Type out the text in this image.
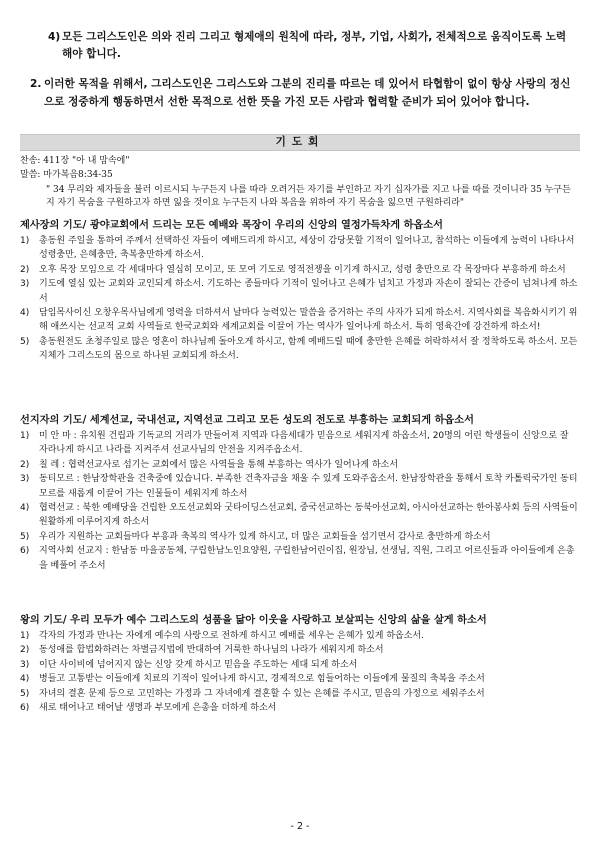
4) 모든 그리스도인은 의와 진리 그리고 형제애의 원칙에 따라, 정부, 기업, 사회가, 전체적으로 움직이도록 노력해야 합니다.
2. 이러한 목적을 위해서, 그리스도인은 그리스도와 그분의 진리를 따르는 데 있어서 타협함이 없이 항상 사랑의 정신으로 정중하게 행동하면서 선한 목적으로 선한 뜻을 가진 모든 사람과 협력할 준비가 되어 있어야 합니다.
기도회
찬송: 411장 "아 내 맘속에"
말씀: 마가복음8:34-35
" 34 무리와 제자들을 불러 이르시되 누구든지 나를 따라 오려거든 자기를 부인하고 자기 십자가를 지고 나를 따를 것이니라 35 누구든지 자기 목숨을 구원하고자 하면 잃을 것이요 누구든지 나와 복음을 위하여 자기 목숨을 잃으면 구원하리라"
제사장의 기도/ 광야교회에서 드리는 모든 예배와 목장이 우리의 신앙의 열정가득차게 하옵소서
1) 총동원 주일을 통하여 주께서 선택하신 자들이 예배드리게 하시고, 세상이 감당못할 기적이 일어나고, 참석하는 이들에게 능력이 나타나서 성령충만, 은혜충만, 축복충만하게 하소서.
2) 오후 목장 모임으로 각 세대마다 열심히 모이고, 또 모여 기도로 영적전쟁을 이기게 하시고, 성령 충만으로 각 목장마다 부흥하게 하소서
3) 기도에 열심 있는 교회와 교인되게 하소서. 기도하는 종들마다 기적이 일어나고 은혜가 넘치고 가정과 자손이 잘되는 간증이 넘쳐나게 하소서
4) 담임목사이신 오창우목사님에게 영력을 더하셔서 날마다 능력있는 말씀을 증거하는 주의 사자가 되게 하소서. 지역사회를 복음화시키기 위해 애쓰시는 선교적 교회 사역들로 한국교회와 세계교회를 이끌어 가는 역사가 일어나게 하소서. 특히 영육간에 강건하게 하소서!
5) 총동원전도 초청주일로 많은 영혼이 하나님께 돌아오게 하시고, 함께 예배드릴 때에 충만한 은혜를 허락하셔서 잘 정착하도록 하소서. 모든 지체가 그리스도의 몸으로 하나된 교회되게 하소서.
선지자의 기도/ 세계선교, 국내선교, 지역선교 그리고 모든 성도의 전도로 부흥하는 교회되게 하옵소서
1) 미 안 마 : 유치원 건립과 기독교의 거리가 만들어져 지역과 다음세대가 믿음으로 세워지게 하옵소서, 20명의 어린 학생들이 신앙으로 잘 자라나게 하시고 나라를 지켜주셔 선교사님의 안전을 지켜주옵소서.
2) 칠 레 : 협력선교사로 섬기는 교회에서 많은 사역들을 통해 부흥하는 역사가 일어나게 하소서
3) 동티모르 : 한남장학관을 건축중에 있습니다. 부족한 건축자금을 채울 수 있게 도와주옵소서. 한남장학관을 통해서 토착 카톨릭국가인 동티모르를 새롭게 이끌어 가는 인물들이 세워지게 하소서
4) 협력선교 : 북한 예배당을 건립한 오도선교회와 굿타이딩스선교회, 중국선교하는 동북아선교회, 아시아선교하는 한아봉사회 등의 사역들이 원활하게 이루어지게 하소서
5) 우리가 지원하는 교회들마다 부흥과 축복의 역사가 있게 하시고, 더 많은 교회들을 섬기면서 감사로 충만하게 하소서
6) 지역사회 선교지 : 한남동 마을공동체, 구립한남노인요양원, 구립한남어린이집, 원장님, 선생님, 직원, 그리고 어르신들과 아이들에게 은총을 베풀어 주소서
왕의 기도/ 우리 모두가 예수 그리스도의 성품을 닮아 이웃을 사랑하고 보살피는 신앙의 삶을 살게 하소서
1) 각자의 가정과 만나는 자에게 예수의 사랑으로 전하게 하시고 예배를 세우는 은혜가 있게 하옵소서.
2) 동성애를 합법화하려는 차별금지법에 반대하여 거룩한 하나님의 나라가 세워지게 하소서
3) 이단 사이비에 넘어지지 않는 신앙 갖게 하시고 믿음을 주도하는 세대 되게 하소서
4) 병들고 고통받는 이들에게 치료의 기적이 일어나게 하시고, 경제적으로 힘들어하는 이들에게 물질의 축복을 주소서
5) 자녀의 결혼 문제 등으로 고민하는 가정과 그 자녀에게 결혼할 수 있는 은혜를 주시고, 믿음의 가정으로 세워주소서
6) 새로 태어나고 태어날 생명과 부모에게 은총을 더하게 하소서
- 2 -
